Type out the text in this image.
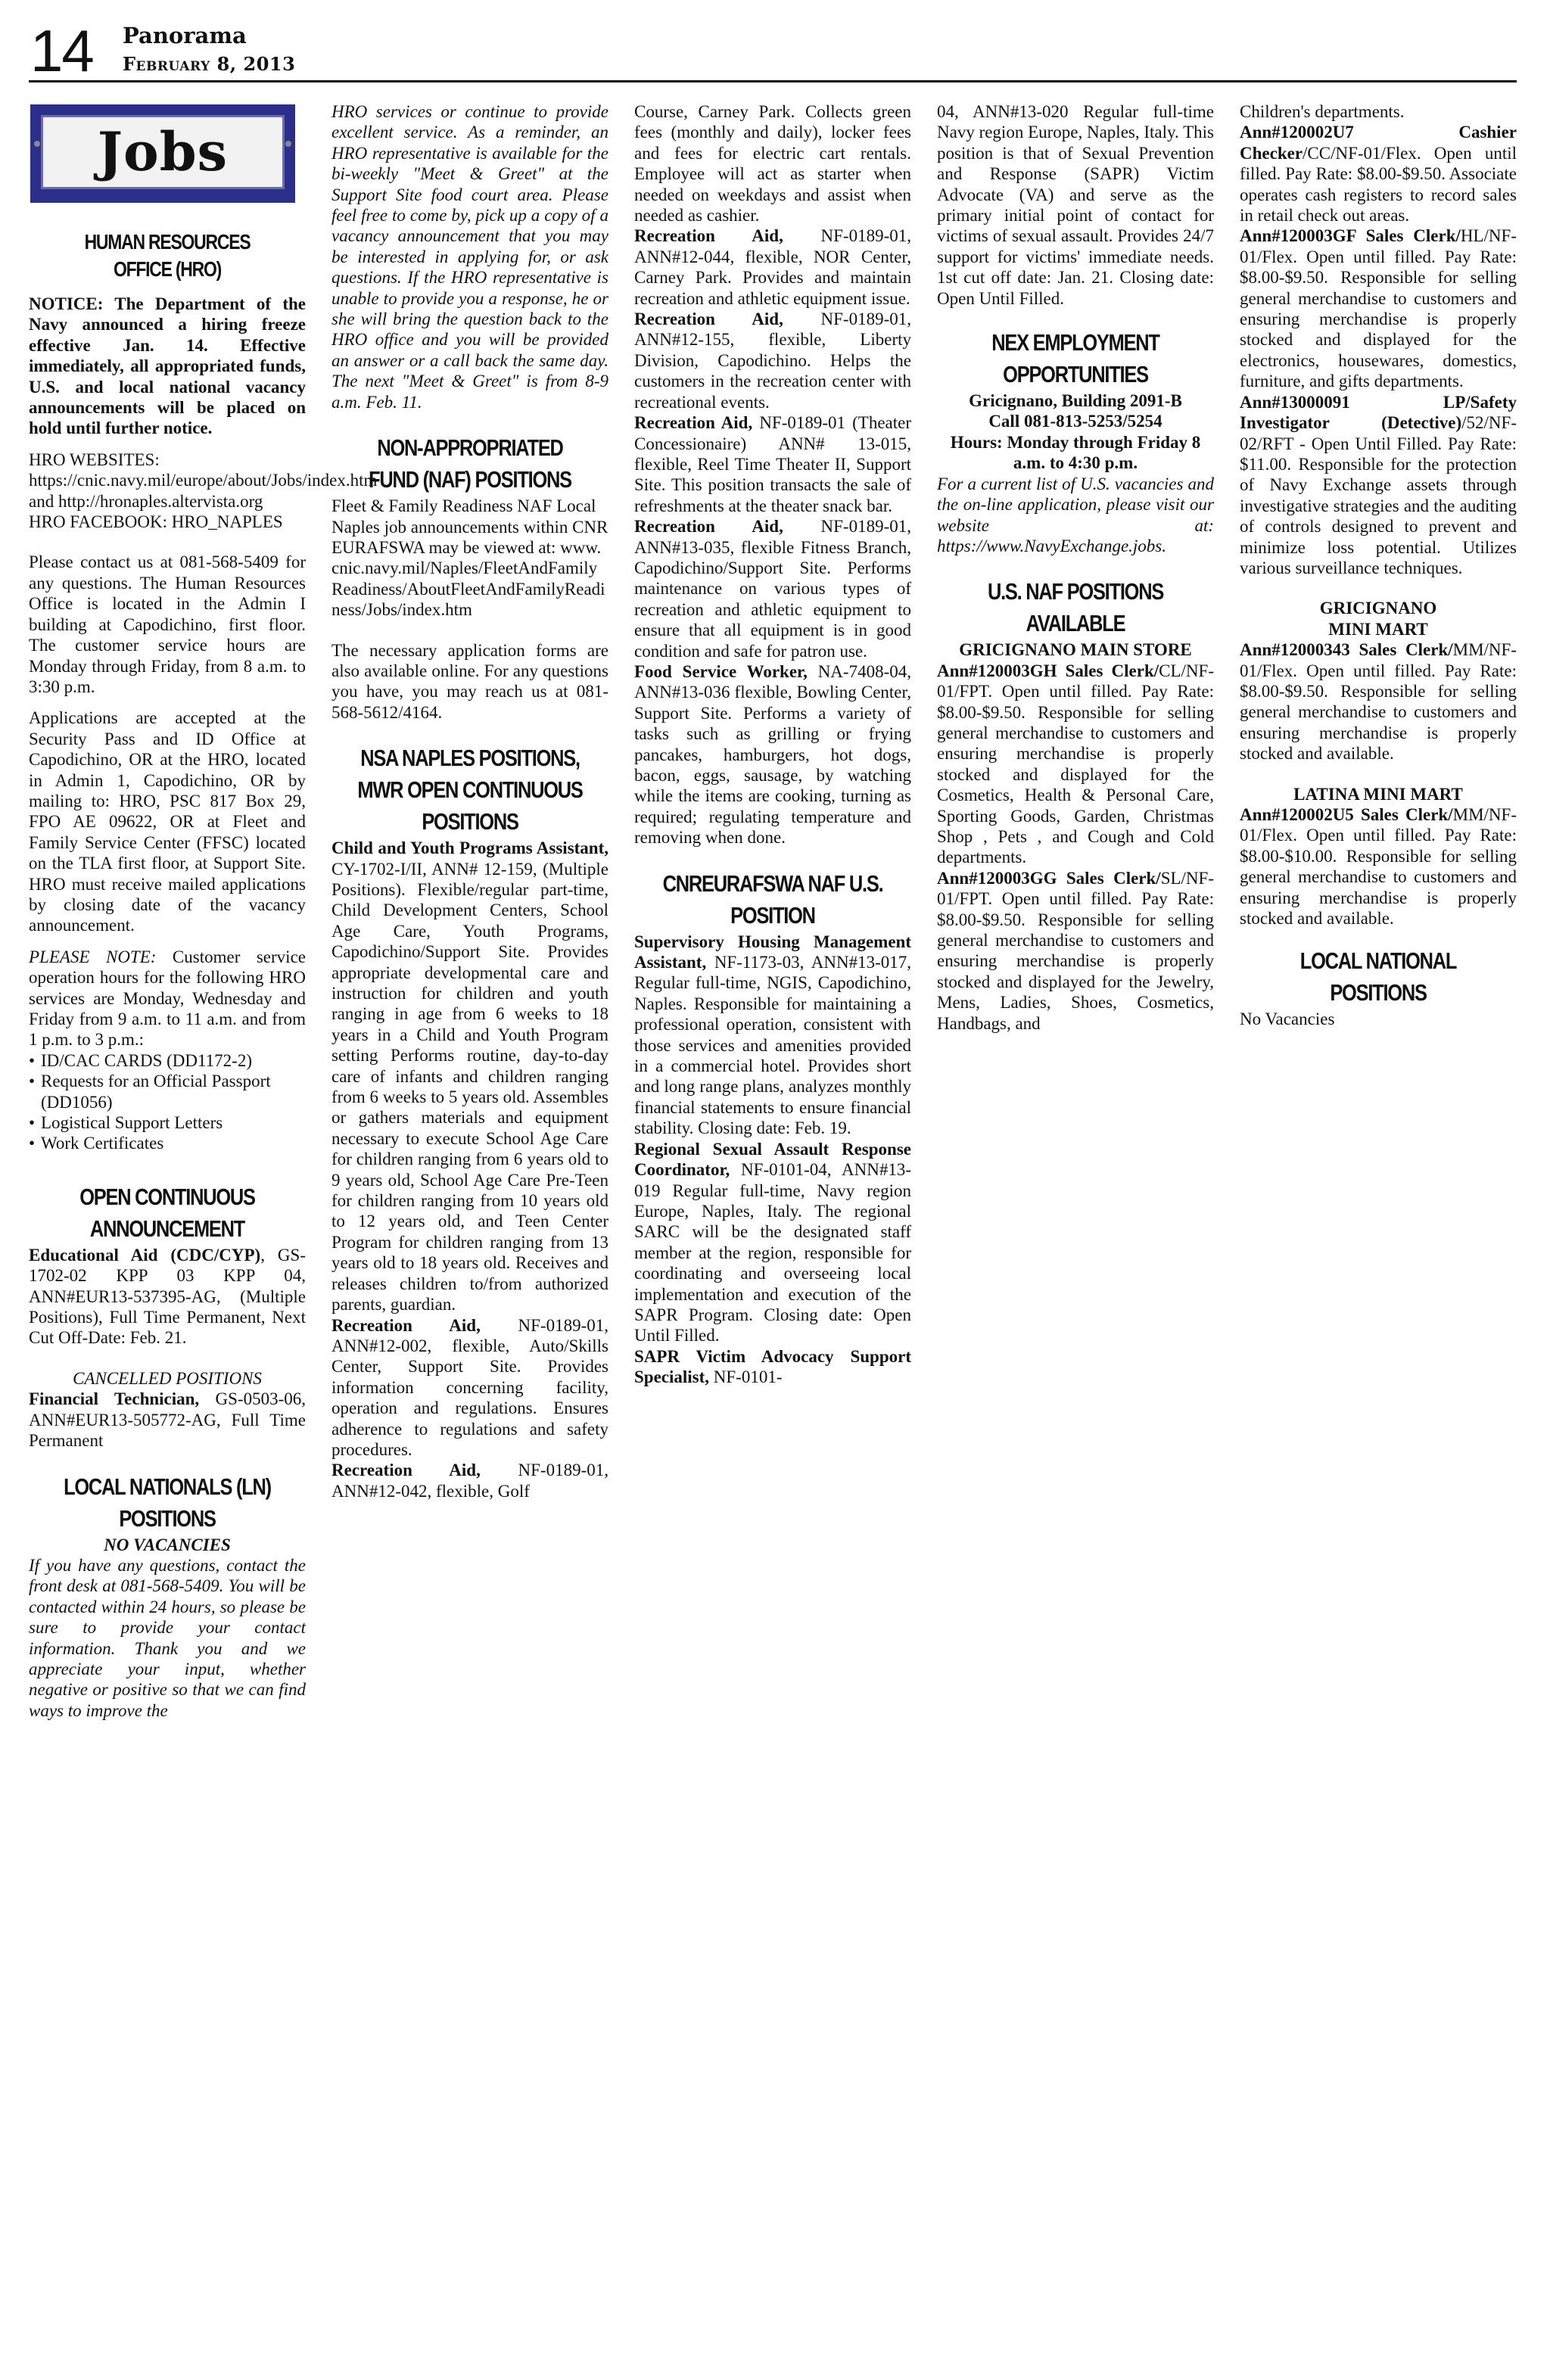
14 Panorama
February 8, 2013
Jobs
HUMAN RESOURCES OFFICE (HRO)

NOTICE: The Department of the Navy announced a hiring freeze effective Jan. 14. Effective immediately, all appropriated funds, U.S. and local national vacancy announcements will be placed on hold until further notice.

HRO WEBSITES: https://cnic.navy.mil/europe/about/Jobs/index.htm and http://hronaples.altervista.org

HRO FACEBOOK: HRO_NAPLES

Please contact us at 081-568-5409 for any questions. The Human Resources Office is located in the Admin I building at Capodichino, first floor. The customer service hours are Monday through Friday, from 8 a.m. to 3:30 p.m.

Applications are accepted at the Security Pass and ID Office at Capodichino, OR at the HRO, located in Admin 1, Capodichino, OR by mailing to: HRO, PSC 817 Box 29, FPO AE 09622, OR at Fleet and Family Service Center (FFSC) located on the TLA first floor, at Support Site. HRO must receive mailed applications by closing date of the vacancy announcement.

PLEASE NOTE: Customer service operation hours for the following HRO services are Monday, Wednesday and Friday from 9 a.m. to 11 a.m. and from 1 p.m. to 3 p.m.:

• ID/CAC CARDS (DD1172-2)
• Requests for an Official Passport (DD1056)
• Logistical Support Letters
• Work Certificates
OPEN CONTINUOUS ANNOUNCEMENT

Educational Aid (CDC/CYP), GS-1702-02 KPP 03 KPP 04, ANN#EUR13-537395-AG, (Multiple Positions), Full Time Permanent, Next Cut Off-Date: Feb. 21.

CANCELLED POSITIONS

Financial Technician, GS-0503-06, ANN#EUR13-505772-AG, Full Time Permanent

LOCAL NATIONALS (LN) POSITIONS

NO VACANCIES

If you have any questions, contact the front desk at 081-568-5409. You will be contacted within 24 hours, so please be sure to provide your contact information. Thank you and we appreciate your input, whether negative or positive so that we can find ways to improve the

HRO services or continue to provide excellent service. As a reminder, an HRO representative is available for the bi-weekly "Meet & Greet" at the Support Site food court area. Please feel free to come by, pick up a copy of a vacancy announcement that you may be interested in applying for, or ask questions. If the HRO representative is unable to provide you a response, he or she will bring the question back to the HRO office and you will be provided an answer or a call back the same day. The next "Meet & Greet" is from 8-9 a.m. Feb. 11.

NON-APPROPRIATED FUND (NAF) POSITIONS

Fleet & Family Readiness NAF Local Naples job announcements within CNREURAFSWA may be viewed at: www.cnic.navy.mil/Naples/FleetAndFamilyReadiness/AboutFleetAndFamilyReadiness/Jobs/index.htm

The necessary application forms are also available online. For any questions you have, you may reach us at 081-568-5612/4164.

NSA NAPLES POSITIONS, MWR OPEN CONTINUOUS POSITIONS

Child and Youth Programs Assistant, CY-1702-I/II, ANN# 12-159, (Multiple Positions). Flexible/regular part-time, Child Development Centers, School Age Care, Youth Programs, Capodichino/Support Site. Provides appropriate developmental care and instruction for children and youth ranging in age from 6 weeks to 18 years in a Child and Youth Program setting Performs routine, day-to-day care of infants and children ranging from 6 weeks to 5 years old. Assembles or gathers materials and equipment necessary to execute School Age Care for children ranging from 6 years old to 9 years old, School Age Care Pre-Teen for children ranging from 10 years old to 12 years old, and Teen Center Program for children ranging from 13 years old to 18 years old. Receives and releases children to/from authorized parents, guardian.

Recreation Aid, NF-0189-01, ANN#12-002, flexible, Auto/Skills Center, Support Site. Provides information concerning facility, operation and regulations. Ensures adherence to regulations and safety procedures.

Recreation Aid, NF-0189-01, ANN#12-042, flexible, Golf

Course, Carney Park. Collects green fees (monthly and daily), locker fees and fees for electric cart rentals. Employee will act as starter when needed on weekdays and assist when needed as cashier.

Recreation Aid, NF-0189-01, ANN#12-044, flexible, NOR Center, Carney Park. Provides and maintain recreation and athletic equipment issue.

Recreation Aid, NF-0189-01, ANN#12-155, flexible, Liberty Division, Capodichino. Helps the customers in the recreation center with recreational events.

Recreation Aid, NF-0189-01 (Theater Concessionaire) ANN# 13-015, flexible, Reel Time Theater II, Support Site. This position transacts the sale of refreshments at the theater snack bar.

Recreation Aid, NF-0189-01, ANN#13-035, flexible Fitness Branch, Capodichino/Support Site. Performs maintenance on various types of recreation and athletic equipment to ensure that all equipment is in good condition and safe for patron use.

Food Service Worker, NA-7408-04, ANN#13-036 flexible, Bowling Center, Support Site. Performs a variety of tasks such as grilling or frying pancakes, hamburgers, hot dogs, bacon, eggs, sausage, by watching while the items are cooking, turning as required; regulating temperature and removing when done.

CNREURAFSWA NAF U.S. POSITION

Supervisory Housing Management Assistant, NF-1173-03, ANN#13-017, Regular full-time, NGIS, Capodichino, Naples. Responsible for maintaining a professional operation, consistent with those services and amenities provided in a commercial hotel. Provides short and long range plans, analyzes monthly financial statements to ensure financial stability. Closing date: Feb. 19.

Regional Sexual Assault Response Coordinator, NF-0101-04, ANN#13-019 Regular full-time, Navy region Europe, Naples, Italy. The regional SARC will be the designated staff member at the region, responsible for coordinating and overseeing local implementation and execution of the SAPR Program. Closing date: Open Until Filled.

SAPR Victim Advocacy Support Specialist, NF-0101-

04, ANN#13-020 Regular full-time Navy region Europe, Naples, Italy. This position is that of Sexual Prevention and Response (SAPR) Victim Advocate (VA) and serve as the primary initial point of contact for victims of sexual assault. Provides 24/7 support for victims' immediate needs. 1st cut off date: Jan. 21. Closing date: Open Until Filled.

NEX EMPLOYMENT OPPORTUNITIES

Gricignano, Building 2091-B

Call 081-813-5253/5254

Hours: Monday through Friday 8 a.m. to 4:30 p.m.

For a current list of U.S. vacancies and the on-line application, please visit our website at: https://www.NavyExchange.jobs.

U.S. NAF POSITIONS AVAILABLE

GRICIGNANO MAIN STORE

Ann#120003GH Sales Clerk/CL/NF-01/FPT. Open until filled. Pay Rate: $8.00-$9.50. Responsible for selling general merchandise to customers and ensuring merchandise is properly stocked and displayed for the Cosmetics, Health & Personal Care, Sporting Goods, Garden, Christmas Shop , Pets , and Cough and Cold departments.

Ann#120003GG Sales Clerk/SL/NF-01/FPT. Open until filled. Pay Rate: $8.00-$9.50. Responsible for selling general merchandise to customers and ensuring merchandise is properly stocked and displayed for the Jewelry, Mens, Ladies, Shoes, Cosmetics, Handbags, and

Children's departments.

Ann#120002U7 Cashier Checker/CC/NF-01/Flex. Open until filled. Pay Rate: $8.00-$9.50. Associate operates cash registers to record sales in retail check out areas.

Ann#120003GF Sales Clerk/HL/NF-01/Flex. Open until filled. Pay Rate: $8.00-$9.50. Responsible for selling general merchandise to customers and ensuring merchandise is properly stocked and displayed for the electronics, housewares, domestics, furniture, and gifts departments.

Ann#13000091 LP/Safety Investigator (Detective)/52/NF-02/RFT - Open Until Filled. Pay Rate: $11.00. Responsible for the protection of Navy Exchange assets through investigative strategies and the auditing of controls designed to prevent and minimize loss potential. Utilizes various surveillance techniques.

GRICIGNANO

MINI MART

Ann#12000343 Sales Clerk/MM/NF-01/Flex. Open until filled. Pay Rate: $8.00-$9.50. Responsible for selling general merchandise to customers and ensuring merchandise is properly stocked and available.

LATINA MINI MART

Ann#120002U5 Sales Clerk/MM/NF-01/Flex. Open until filled. Pay Rate: $8.00-$10.00. Responsible for selling general merchandise to customers and ensuring merchandise is properly stocked and available.

LOCAL NATIONAL POSITIONS

No Vacancies
